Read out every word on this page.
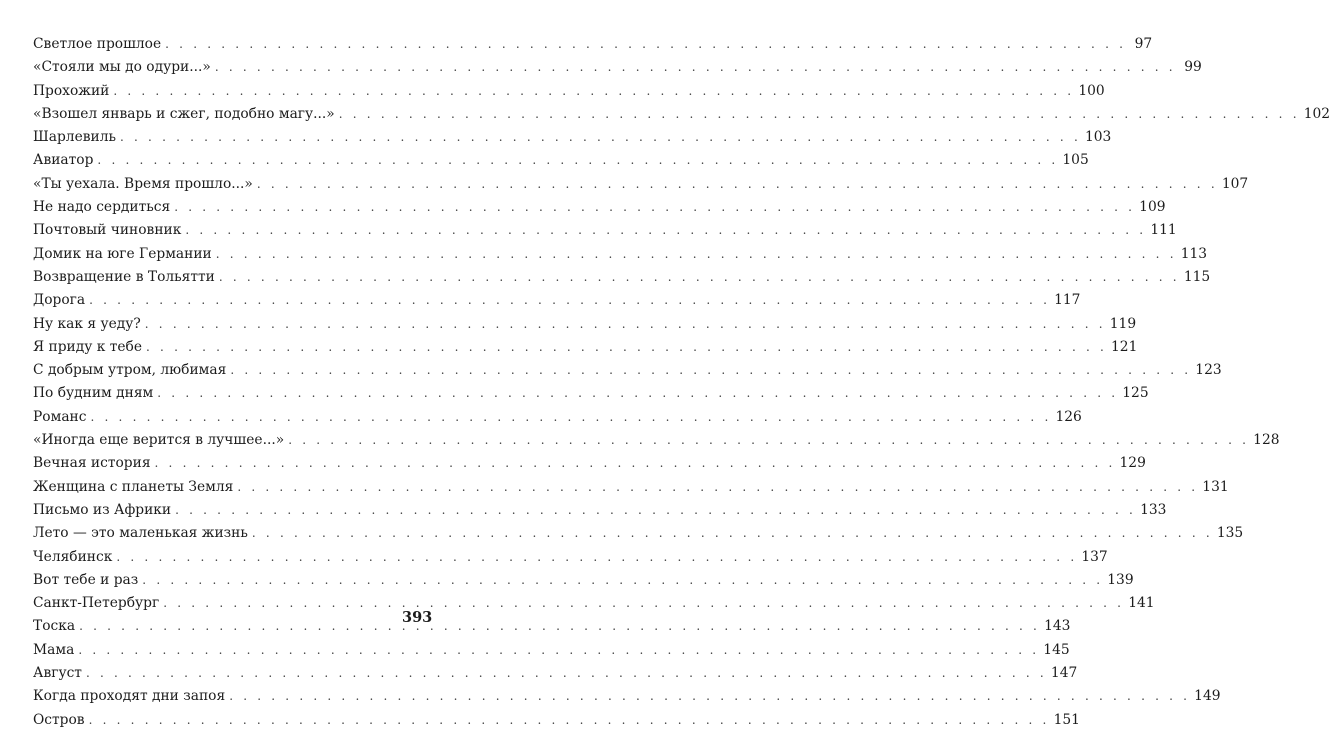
Светлое прошлое . . .	97
«Стояли мы до одури...» . . .	99
Прохожий . . .	100
«Взошел январь и сжег, подобно магу...» . . .	102
Шарлевиль . . .	103
Авиатор . . .	105
«Ты уехала. Время прошло...» . . .	107
Не надо сердиться . . .	109
Почтовый чиновник . . .	111
Домик на юге Германии . . .	113
Возвращение в Тольятти . . .	115
Дорога . . .	117
Ну как я уеду? . . .	119
Я приду к тебе . . .	121
С добрым утром, любимая . . .	123
По будним дням . . .	125
Романс . . .	126
«Иногда еще верится в лучшее...» . . .	128
Вечная история . . .	129
Женщина с планеты Земля . . .	131
Письмо из Африки . . .	133
Лето — это маленькая жизнь . . .	135
Челябинск . . .	137
Вот тебе и раз . . .	139
Санкт-Петербург . . .	141
Тоска . . .	143
Мама . . .	145
Август . . .	147
Когда проходят дни запоя . . .	149
Остров . . .	151
393
